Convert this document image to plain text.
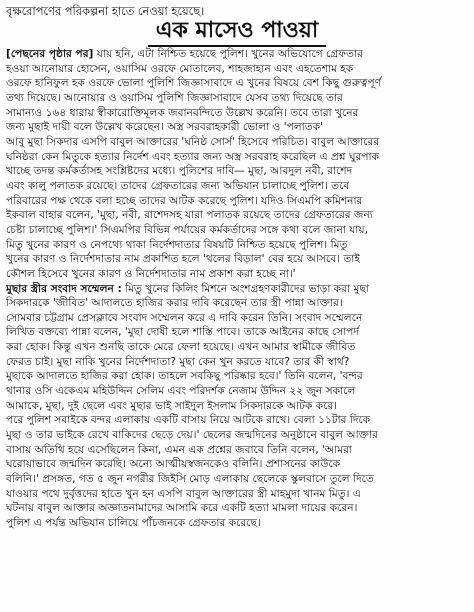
বৃক্ষরোপণের পরিকল্পনা হাতে নেওয়া হয়েছে।
এক মাসেও পাওয়া
[পেছনের পৃষ্ঠার পর] যায় হনি, এটা নিশ্চিত হয়েছে পুলিশ। খুনের অভিযোগে গ্রেফতার
হওয়া আনোয়ার হোসেন, ওয়াসিম ওরফে মোতালেব, শাহজাহান এবং এহতেশাম হক
ওরফে হানিফুল হক ওরফে ভোলা পুলিশি জিজ্ঞাসাবাদে এ খুনের বিষয়ে বেশ কিছু গুরুত্বপূর্ণ
তথ্য দিয়েছে। আনোয়ার ও ওয়াসিম পুলিশি জিজ্ঞাসাবাদে যেসব তথ্য দিয়েছে তার
সামান্যও ১৬৪ ধারায় স্বীকারোক্তিমূলক জবানবন্দিতে উল্লেখ করেনি। তবে তারা খুনের
জন্য মুছাই দায়ী বলে উল্লেখ করেছেন। অস্ত্র সরবরাহকারী ভোলা ও 'পলাতক'
আবু মুছা সিকদার এসপি বাবুল আক্তারের 'ঘনিষ্ঠ সোর্স' হিসেবে পরিচিত। বাবুল আক্তারের
ঘনিষ্ঠরা কেন মিতুকে হত্যার নির্দেশ এবং হত্যার জন্য অস্ত্র সরবরাহ করেছিল এ প্রশ্ন ঘুরপাক
খাচ্ছে তদন্ত কর্মকর্তাসহ সংশ্লিষ্টদের মধ্যে। পুলিশের দাবি— মুছা, আবদুল নবী, রাশেদ
এবং কালু পলাতক রয়েছে। তাদের গ্রেফতারের জন্য অভিযান চালাচ্ছে পুলিশ। তবে
পরিবারের পক্ষ থেকে বলা হচ্ছে তাদের আটক করেছে পুলিশ। যদিও সিএমপি কমিশনার
ইকবাল বাহার বলেন, 'মুছা, নবী, রাশেদসহ যারা পলাতক রয়েছে তাদের গ্রেফতারের জন্য
চেষ্টা চালাচ্ছে পুলিশ।' সিএমপির বিভিন্ন পর্যায়ের কর্মকর্তাদের সঙ্গে কথা বলে জানা যায়,
মিতু খুনের কারণ ও নেপথ্যে থাকা নির্দেশদাতার বিষয়টি নিশ্চিত হয়েছে পুলিশ। মিতু
খুনের কারণ ও নির্দেশদাতার নাম প্রকাশিত হলে 'থলের বিড়াল' বের হয়ে আসবে। তাই
কৌশল হিসেবে খুনের কারণ ও নির্দেশদাতার নাম প্রকাশ করা হচ্ছে না।'
মুছার স্ত্রীর সংবাদ সম্মেলন : মিতু খুনের কিলিং মিশনে অংশগ্রহণকারীদের ভাড়া করা মুছা
সিকদারকে 'জীবিত' আদালতে হাজির করার দাবি করেছেন তার স্ত্রী পান্না আক্তার।
সোমবার চট্টগ্রাম প্রেসক্লাবে সংবাদ সম্মেলন করে এ দাবি করেন তিনি। সংবাদ সম্মেলনে
লিখিত বক্তব্যে পান্না বলেন, 'মুছা দোষী হলে শাস্তি পাবে। তাকে আইনের কাছে সোপর্দ
করা হোক। কিন্তু এখন শুনছি তাকে মেরে ফেলা হয়েছে। এখন আমার স্বামীকে জীবিত
ফেরত চাই। মুছা নাকি খুনের নির্দেশদাতা? মুছা কেন খুন করতে যাবে? তার কী স্বার্থ?
মুছাকে আদালতে হাজির করা হোক। তাহলে সবকিছু পরিষ্কার হবে।' তিনি বলেন, 'বন্দর
থানার ওসি একেএম মহিউদ্দিন সেলিম এবং পরিদর্শক নেজাম উদ্দিন ২২ জুন সকালে
আমাকে, মুছা, দুই ছেলে এবং মুছার ভাই সাইদুল ইসলাম সিকদারকে আটক করে।
পরে পুলিশ সবাইকে বন্দর এলাকায় একটি বাসায় নিয়ে আটকে রাখে। বেলা ১১টার দিকে
মুছা ও তার ভাইকে রেখে বাকিদের ছেড়ে দেয়।' ছেলের জন্মদিনের অনুষ্ঠানে বাবুল আক্তার
বাসায় অতিথি হয়ে এসেছিলেন কিনা, এমন এক প্রশ্নের জবাবে তিনি বলেন, 'আমরা
ঘরোয়াভাবে জন্মদিন করেছি। অন্যে আত্মীয়স্বজনকেও বলিনি। প্রশাসনের কাউকে
বলিনি।' প্রসঙ্গত, গত ৫ জুন নগরীর জিইসি মোড় এলাকায় ছেলেকে স্কুলবাসে তুলে দিতে
যাওয়ার পথে দুর্বৃত্তদের হাতে খুন হন এসপি বাবুল আক্তারের স্ত্রী মাহমুদা খানম মিতু। এ
ঘটনায় বাবুল আক্তার অজ্ঞাতনামাদের আসামি করে একটি হত্যা মামলা দায়ের করেন।
পুলিশ এ পর্যন্ত অভিযান চালিয়ে পাঁচজনকে গ্রেফতার করেছে।
